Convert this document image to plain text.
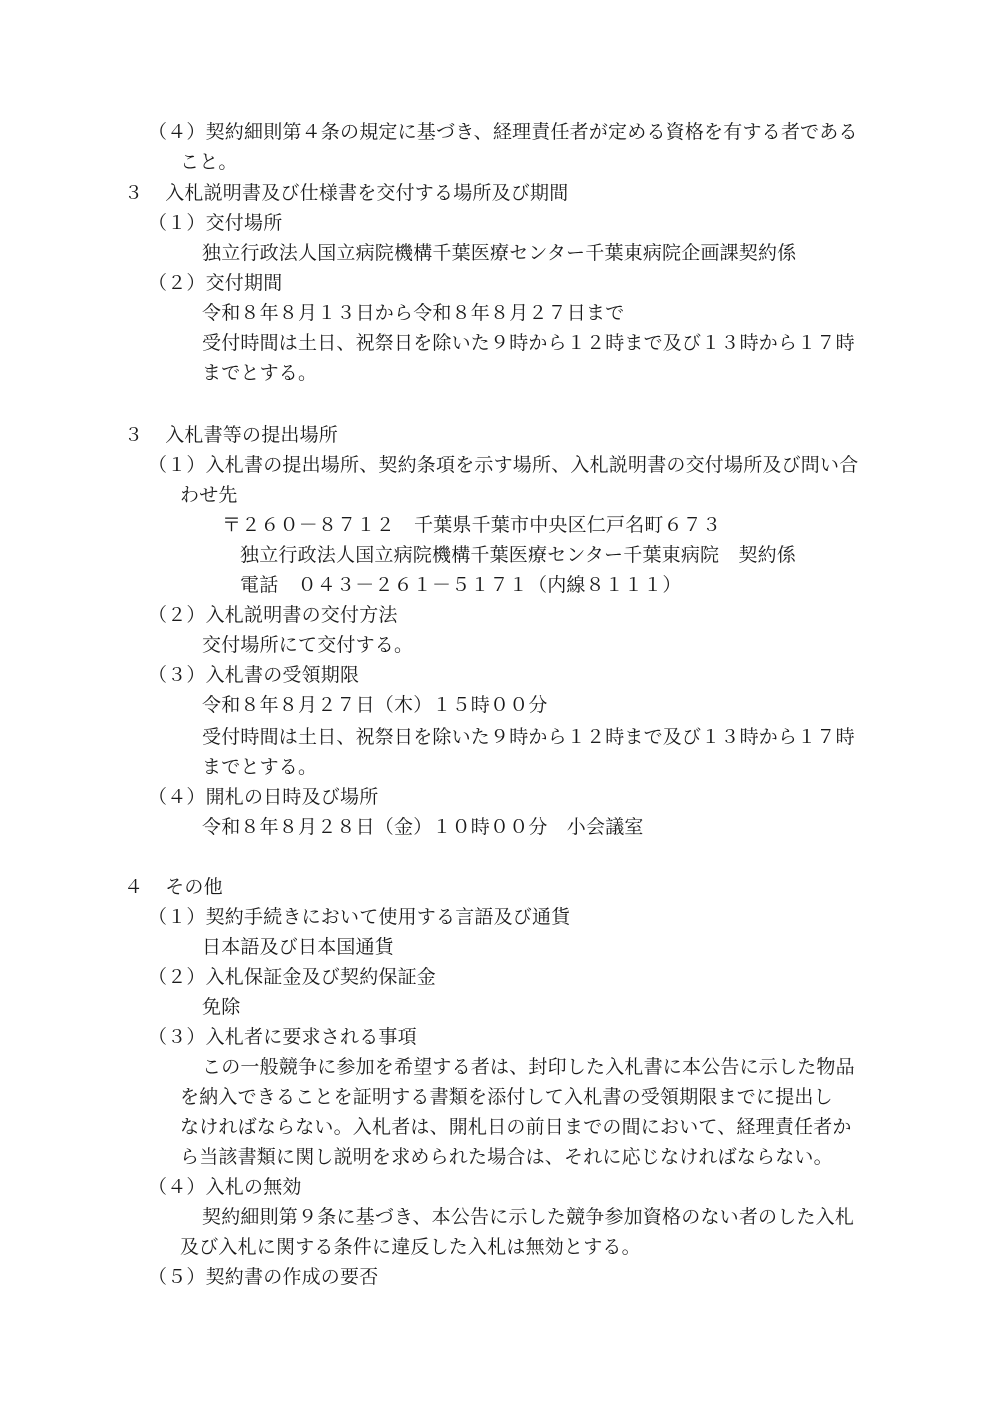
（４）契約細則第４条の規定に基づき、経理責任者が定める資格を有する者である
こと。
３ 入札説明書及び仕様書を交付する場所及び期間
（１）交付場所
独立行政法人国立病院機構千葉医療センター千葉東病院企画課契約係
（２）交付期間
令和８年８月１３日から令和８年８月２７日まで
受付時間は土日、祝祭日を除いた９時から１２時まで及び１３時から１７時
までとする。
３ 入札書等の提出場所
（１）入札書の提出場所、契約条項を示す場所、入札説明書の交付場所及び問い合
わせ先
〒２６０－８７１２　千葉県千葉市中央区仁戸名町６７３
独立行政法人国立病院機構千葉医療センター千葉東病院　契約係
電話　０４３－２６１－５１７１（内線８１１１）
（２）入札説明書の交付方法
交付場所にて交付する。
（３）入札書の受領期限
令和８年８月２７日（木）１５時００分
受付時間は土日、祝祭日を除いた９時から１２時まで及び１３時から１７時
までとする。
（４）開札の日時及び場所
令和８年８月２８日（金）１０時００分　小会議室
４ その他
（１）契約手続きにおいて使用する言語及び通貨
日本語及び日本国通貨
（２）入札保証金及び契約保証金
免除
（３）入札者に要求される事項
この一般競争に参加を希望する者は、封印した入札書に本公告に示した物品
を納入できることを証明する書類を添付して入札書の受領期限までに提出し
なければならない。入札者は、開札日の前日までの間において、経理責任者か
ら当該書類に関し説明を求められた場合は、それに応じなければならない。
（４）入札の無効
契約細則第９条に基づき、本公告に示した競争参加資格のない者のした入札
及び入札に関する条件に違反した入札は無効とする。
（５）契約書の作成の要否
